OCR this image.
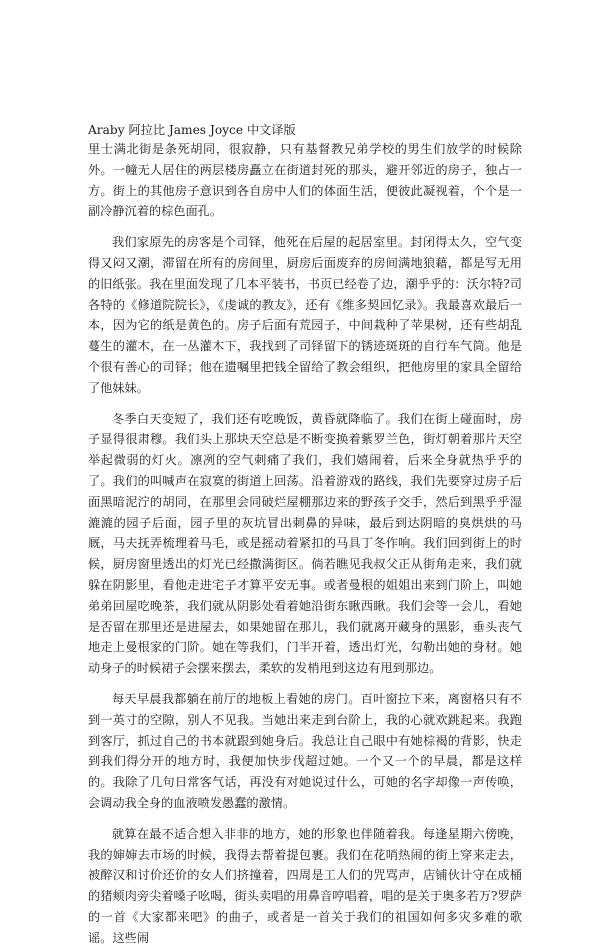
Araby 阿拉比 James Joyce 中文译版

里士满北街是条死胡同，很寂静，只有基督教兄弟学校的男生们放学的时候除外。一幢无人居住的两层楼房矗立在街道封死的那头，避开邻近的房子，独占一方。街上的其他房子意识到各自房中人们的体面生活，便彼此凝视着，个个是一副冷静沉着的棕色面孔。

我们家原先的房客是个司铎，他死在后屋的起居室里。封闭得太久，空气变得又闷又潮，滞留在所有的房间里，厨房后面废弃的房间满地狼藉，都是写无用的旧纸张。我在里面发现了几本平装书，书页已经卷了边，潮乎乎的：沃尔特?司各特的《修道院院长》，《虔诚的教友》，还有《维多契回忆录》。我最喜欢最后一本，因为它的纸是黄色的。房子后面有荒园子，中间栽种了苹果树，还有些胡乱蔓生的灌木，在一丛灌木下，我找到了司铎留下的锈迹斑斑的自行车气筒。他是个很有善心的司铎；他在遗嘱里把钱全留给了教会组织，把他房里的家具全留给了他妹妹。

冬季白天变短了，我们还有吃晚饭，黄昏就降临了。我们在街上碰面时，房子显得很肃穆。我们头上那块天空总是不断变换着紫罗兰色，街灯朝着那片天空举起微弱的灯火。凛冽的空气刺痛了我们，我们嬉闹着，后来全身就热乎乎的了。我们的叫喊声在寂寞的街道上回荡。沿着游戏的路线，我们先要穿过房子后面黑暗泥泞的胡同，在那里会同破烂屋棚那边来的野孩子交手，然后到黑乎乎湿漉漉的园子后面，园子里的灰坑冒出刺鼻的异味，最后到达阴暗的臭烘烘的马厩，马夫抚弄梳理着马毛，或是摇动着紧扣的马具丁冬作响。我们回到街上的时候，厨房窗里透出的灯光已经撒满街区。倘若瞧见我叔父正从街角走来，我们就躲在阴影里，看他走进宅子才算平安无事。或者曼根的姐姐出来到门阶上，叫她弟弟回屋吃晚茶，我们就从阴影处看着她沿街东瞅西瞅。我们会等一会儿，看她是否留在那里还是进屋去，如果她留在那儿，我们就离开藏身的黑影，垂头丧气地走上曼根家的门阶。她在等我们，门半开着，透出灯光，勾勒出她的身材。她动身子的时候裙子会摆来摆去，柔软的发梢甩到这边有甩到那边。

每天早晨我都躺在前厅的地板上看她的房门。百叶窗拉下来，离窗格只有不到一英寸的空隙，别人不见我。当她出来走到台阶上，我的心就欢跳起来。我跑到客厅，抓过自己的书本就跟到她身后。我总让自己眼中有她棕褐的背影，快走到我们得分开的地方时，我便加快步伐超过她。一个又一个的早晨，都是这样的。我除了几句日常客气话，再没有对她说过什么，可她的名字却像一声传唤，会调动我全身的血液喷发愚蠢的激情。

就算在最不适合想入非非的地方，她的形象也伴随着我。每逢星期六傍晚，我的婶婶去市场的时候，我得去帮着提包裹。我们在花哨热闹的街上穿来走去，被醉汉和讨价还价的女人们挤撞着，四周是工人们的咒骂声，店铺伙计守在成桶的猪颊肉旁尖着嗓子吆喝，街头卖唱的用鼻音哼唱着，唱的是关于奥多若万?罗萨的一首《大家都来吧》的曲子，或者是一首关于我们的祖国如何多灾多难的歌谣。这些闹
